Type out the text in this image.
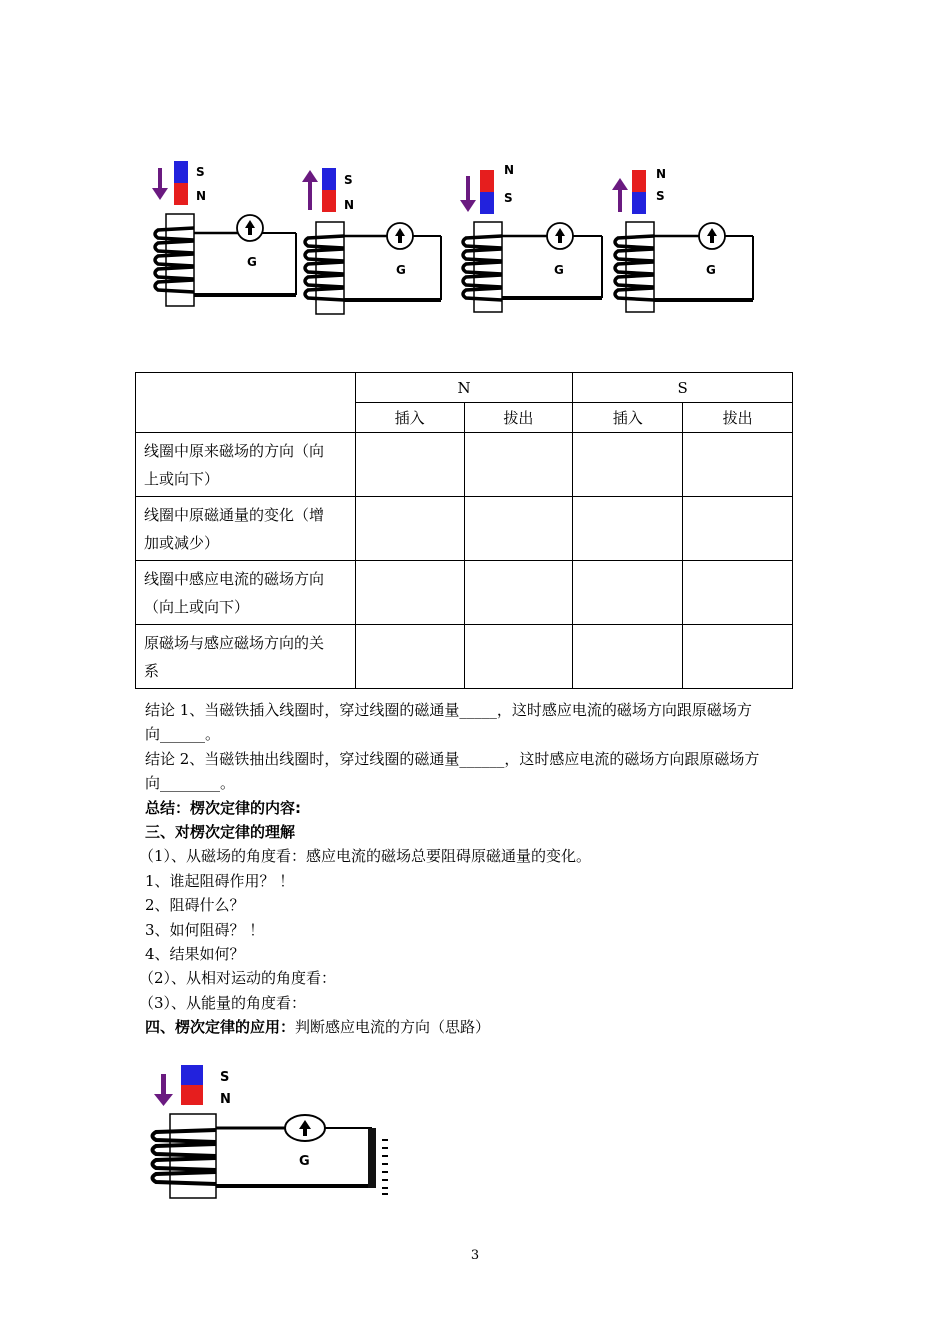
S
N
G
S
N
G
N
S
G
N
S
G
	N		S	
	插入	拔出	插入	拔出
线圈中原来磁场的方向（向
上或向下）				
线圈中原磁通量的变化（增
加或减少）				
线圈中感应电流的磁场方向
（向上或向下）				
原磁场与感应磁场方向的关
系				

结论 1、当磁铁插入线圈时，穿过线圈的磁通量_____，这时感应电流的磁场方向跟原磁场方

向______。

结论 2、当磁铁抽出线圈时，穿过线圈的磁通量______，这时感应电流的磁场方向跟原磁场方

向________。

总结：楞次定律的内容:

三、对楞次定律的理解

（1）、从磁场的角度看：感应电流的磁场总要阻碍原磁通量的变化。

1、谁起阻碍作用？ ！

2、阻碍什么？

3、如何阻碍？ ！

4、结果如何？

（2）、从相对运动的角度看：

（3）、从能量的角度看：

四、楞次定律的应用：判断感应电流的方向（思路）

S
N
G
3
